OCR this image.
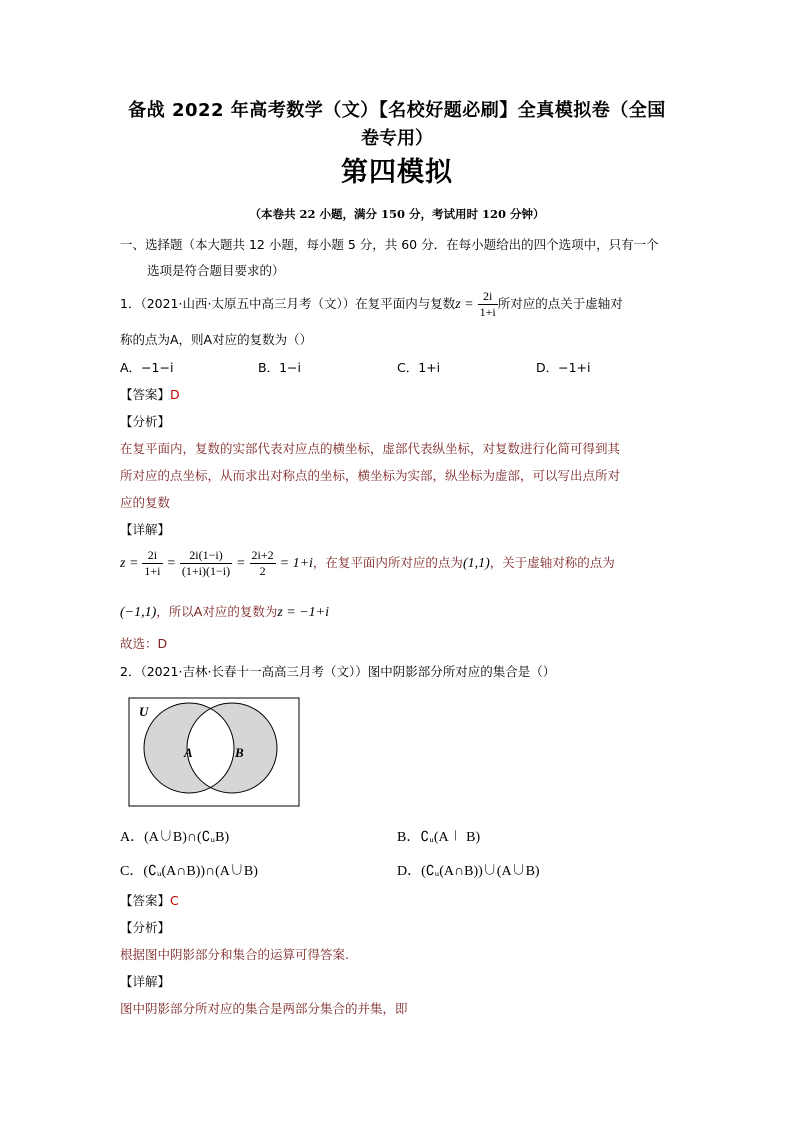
备战 2022 年高考数学（文）【名校好题必刷】全真模拟卷（全国
卷专用）
第四模拟
（本卷共 22 小题，满分 150 分，考试用时 120 分钟）
一、选择题（本大题共 12 小题，每小题 5 分，共 60 分．在每小题给出的四个选项中，只有一个
选项是符合题目要求的）
1．（2021·山西·太原五中高三月考（文））在复平面内与复数$z = \frac{2i}{1+i}$ 所对应的点关于虚轴对
称的点为A，则A对应的复数为（）
A．−1−i	B．1−i	C．1+i	D．−1+i
【答案】D
【分析】
在复平面内，复数的实部代表对应点的横坐标，虚部代表纵坐标，对复数进行化简可得到其
所对应的点坐标，从而求出对称点的坐标，横坐标为实部，纵坐标为虚部，可以写出点所对
应的复数
【详解】
$z = \frac{2i}{1+i} = \frac{2i(1-i)}{(1+i)(1-i)} = \frac{2i+2}{2} = 1+i$，在复平面内所对应的点为(1,1)，关于虚轴对称的点为
(−1,1)，所以A对应的复数为z = −1+i
故选：D
2．（2021·吉林·长春十一高高三月考（文））图中阴影部分所对应的集合是（）
U
A	B
A．(A∪B)∩(∁ᵤB)	B．∁ᵤ(A∣ B)
C．(∁ᵤ(A∩B))∩(A∪B)	D．(∁ᵤ(A∩B))∪(A∪B)
【答案】C
【分析】
根据图中阴影部分和集合的运算可得答案.
【详解】
图中阴影部分所对应的集合是两部分集合的并集，即
